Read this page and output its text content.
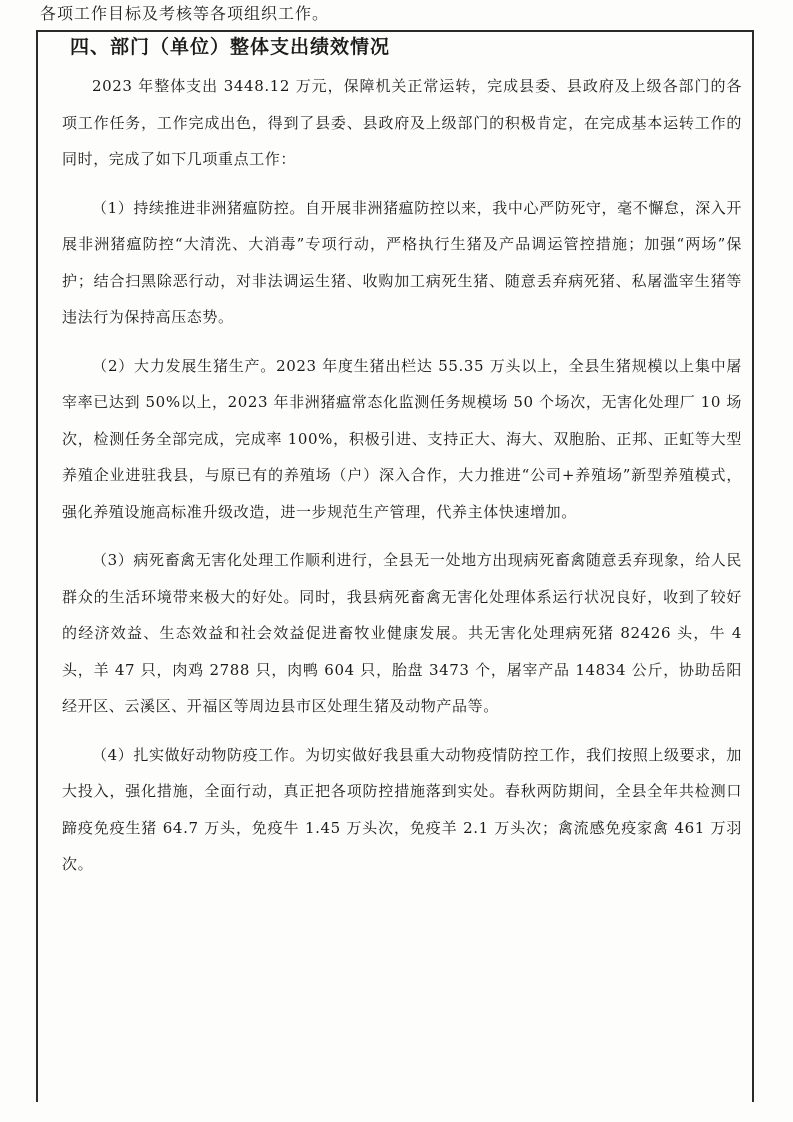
各项工作目标及考核等各项组织工作。
四、部门（单位）整体支出绩效情况

2023 年整体支出 3448.12 万元，保障机关正常运转，完成县委、县政府及上级各部门的各项工作任务，工作完成出色，得到了县委、县政府及上级部门的积极肯定，在完成基本运转工作的同时，完成了如下几项重点工作：

（1）持续推进非洲猪瘟防控。自开展非洲猪瘟防控以来，我中心严防死守，毫不懈怠，深入开展非洲猪瘟防控“大清洗、大消毒”专项行动，严格执行生猪及产品调运管控措施；加强“两场”保护；结合扫黑除恶行动，对非法调运生猪、收购加工病死生猪、随意丢弃病死猪、私屠滥宰生猪等违法行为保持高压态势。

（2）大力发展生猪生产。2023 年度生猪出栏达 55.35 万头以上，全县生猪规模以上集中屠宰率已达到 50%以上，2023 年非洲猪瘟常态化监测任务规模场 50 个场次，无害化处理厂 10 场次，检测任务全部完成，完成率 100%，积极引进、支持正大、海大、双胞胎、正邦、正虹等大型养殖企业进驻我县，与原已有的养殖场（户）深入合作，大力推进“公司+养殖场”新型养殖模式，强化养殖设施高标准升级改造，进一步规范生产管理，代养主体快速增加。

（3）病死畜禽无害化处理工作顺利进行，全县无一处地方出现病死畜禽随意丢弃现象，给人民群众的生活环境带来极大的好处。同时，我县病死畜禽无害化处理体系运行状况良好，收到了较好的经济效益、生态效益和社会效益促进畜牧业健康发展。共无害化处理病死猪 82426 头，牛 4 头，羊 47 只，肉鸡 2788 只，肉鸭 604 只，胎盘 3473 个，屠宰产品 14834 公斤，协助岳阳经开区、云溪区、开福区等周边县市区处理生猪及动物产品等。

（4）扎实做好动物防疫工作。为切实做好我县重大动物疫情防控工作，我们按照上级要求，加大投入，强化措施，全面行动，真正把各项防控措施落到实处。春秋两防期间，全县全年共检测口蹄疫免疫生猪 64.7 万头，免疫牛 1.45 万头次，免疫羊 2.1 万头次；禽流感免疫家禽 461 万羽次。
